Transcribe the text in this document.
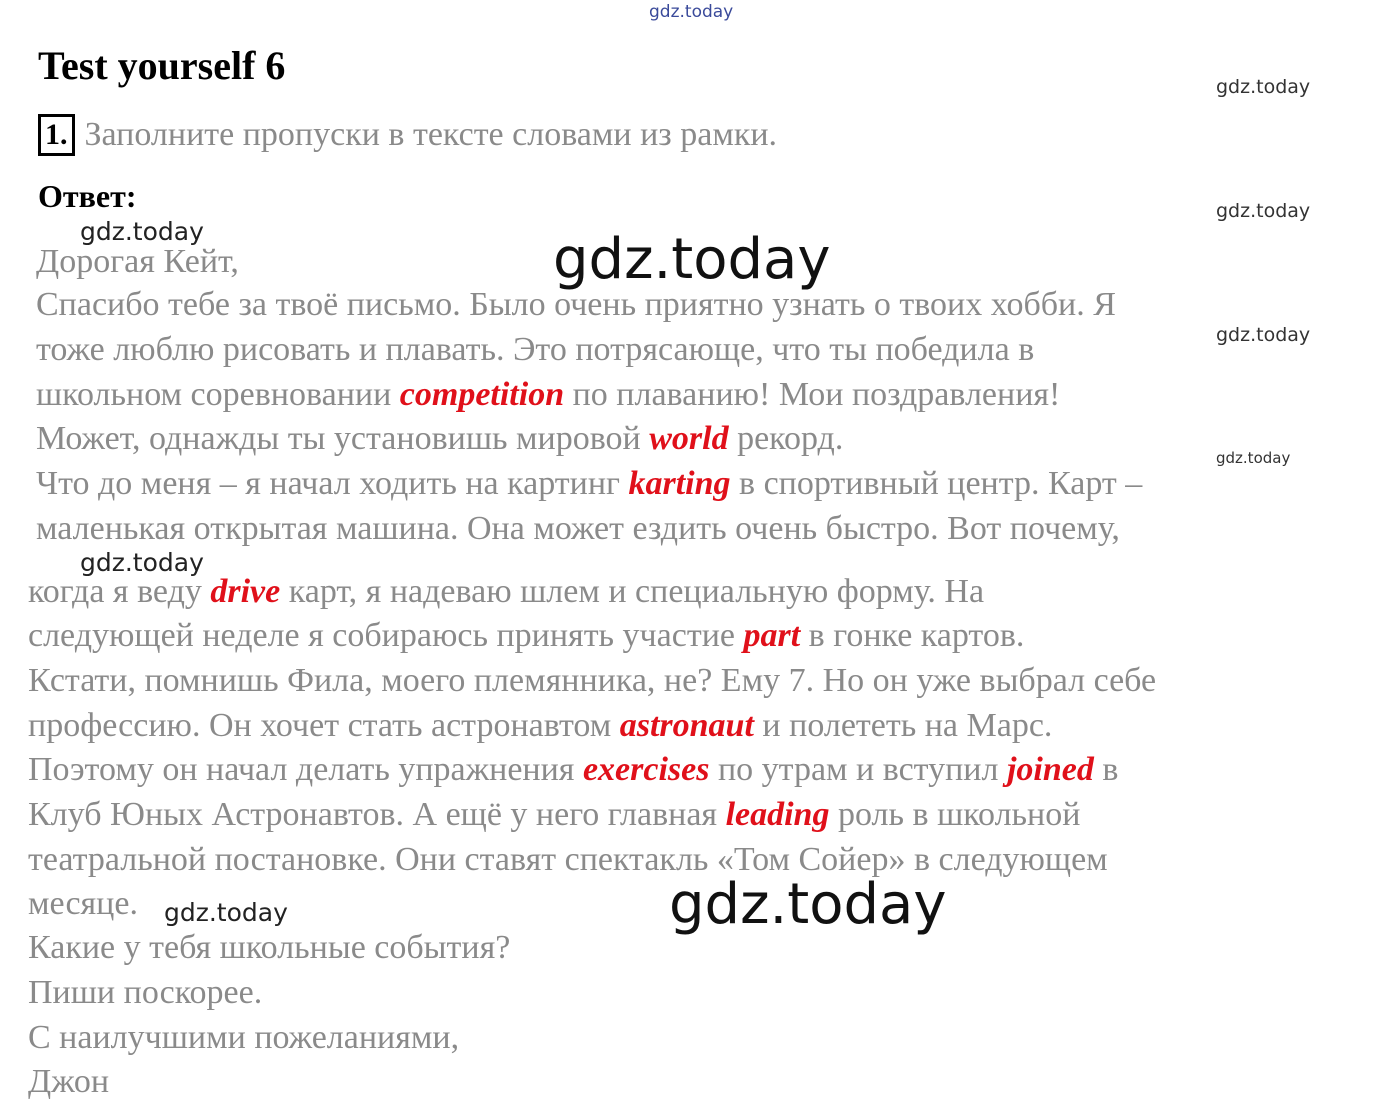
gdz.today
gdz.today
gdz.today
gdz.today
gdz.today
gdz.today
gdz.today
gdz.today
gdz.today
gdz.today
Test yourself 6
1. Заполните пропуски в тексте словами из рамки.
Ответ:
Дорогая Кейт,
Спасибо тебе за твоё письмо. Было очень приятно узнать о твоих хобби. Я
тоже люблю рисовать и плавать. Это потрясающе, что ты победила в
школьном соревновании competition по плаванию! Мои поздравления!
Может, однажды ты установишь мировой world рекорд.
Что до меня – я начал ходить на картинг karting в спортивный центр. Карт –
маленькая открытая машина. Она может ездить очень быстро. Вот почему,
когда я веду drive карт, я надеваю шлем и специальную форму. На
следующей неделе я собираюсь принять участие part в гонке картов.
Кстати, помнишь Фила, моего племянника, не? Ему 7. Но он уже выбрал себе
профессию. Он хочет стать астронавтом astronaut и полететь на Марс.
Поэтому он начал делать упражнения exercises по утрам и вступил joined в
Клуб Юных Астронавтов. А ещё у него главная leading роль в школьной
театральной постановке. Они ставят спектакль «Том Сойер» в следующем
месяце.
Какие у тебя школьные события?
Пиши поскорее.
С наилучшими пожеланиями,
Джон
